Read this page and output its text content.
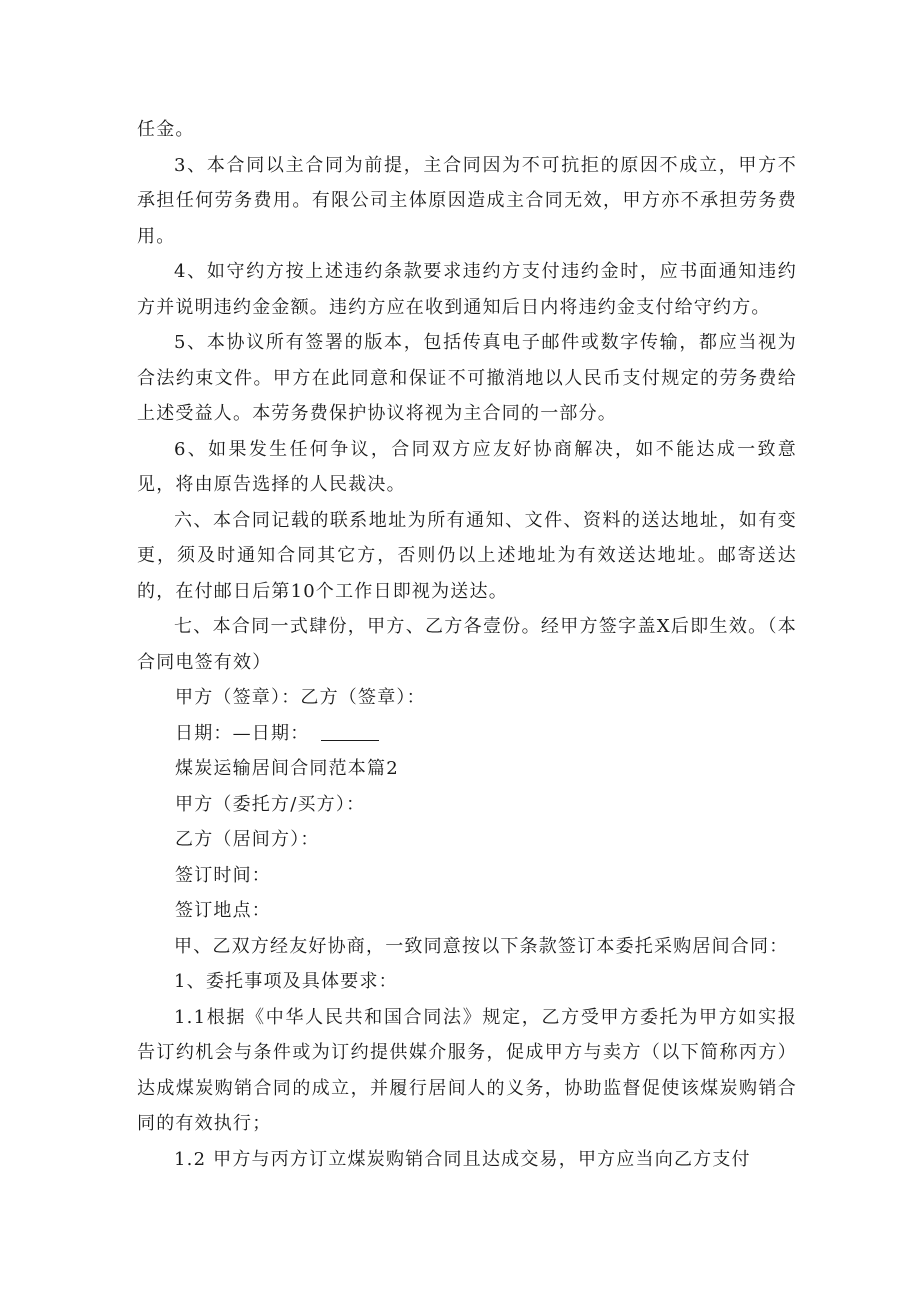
任金。

3、本合同以主合同为前提，主合同因为不可抗拒的原因不成立，甲方不承担任何劳务费用。有限公司主体原因造成主合同无效，甲方亦不承担劳务费用。

4、如守约方按上述违约条款要求违约方支付违约金时，应书面通知违约方并说明违约金金额。违约方应在收到通知后日内将违约金支付给守约方。

5、本协议所有签署的版本，包括传真电子邮件或数字传输，都应当视为合法约束文件。甲方在此同意和保证不可撤消地以人民币支付规定的劳务费给上述受益人。本劳务费保护协议将视为主合同的一部分。

6、如果发生任何争议，合同双方应友好协商解决，如不能达成一致意见，将由原告选择的人民裁决。

六、本合同记载的联系地址为所有通知、文件、资料的送达地址，如有变更，须及时通知合同其它方，否则仍以上述地址为有效送达地址。邮寄送达的，在付邮日后第10个工作日即视为送达。

七、本合同一式肆份，甲方、乙方各壹份。经甲方签字盖X后即生效。（本合同电签有效）

甲方（签章）：乙方（签章）：

日期：—日期：

煤炭运输居间合同范本篇2

甲方（委托方/买方）：

乙方（居间方）：

签订时间：

签订地点：

甲、乙双方经友好协商，一致同意按以下条款签订本委托采购居间合同：

1、委托事项及具体要求：

1.1根据《中华人民共和国合同法》规定，乙方受甲方委托为甲方如实报告订约机会与条件或为订约提供媒介服务，促成甲方与卖方（以下简称丙方）达成煤炭购销合同的成立，并履行居间人的义务，协助监督促使该煤炭购销合同的有效执行；

1.2 甲方与丙方订立煤炭购销合同且达成交易，甲方应当向乙方支付
